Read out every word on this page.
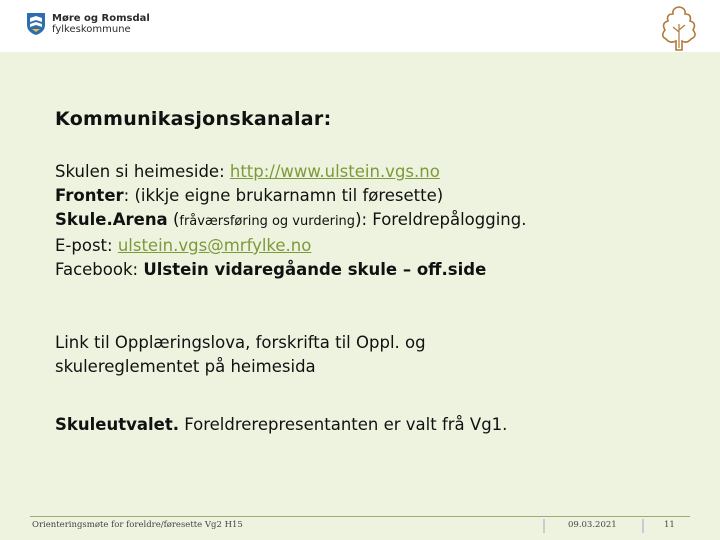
Møre og Romsdal
fylkeskommune
Kommunikasjonskanalar:
Skulen si heimeside: http://www.ulstein.vgs.no
Fronter: (ikkje eigne brukarnamn til føresette)
Skule.Arena (fråværsføring og vurdering): Foreldrepålogging.
E-post: ulstein.vgs@mrfylke.no
Facebook: Ulstein vidaregåande skule – off.side
Link til Opplæringslova, forskrifta til Oppl. og
skulereglementet på heimesida
Skuleutvalet. Foreldrerepresentanten er valt frå Vg1.
Orienteringsmøte for foreldre/føresette Vg2 H15	09.03.2021	11
